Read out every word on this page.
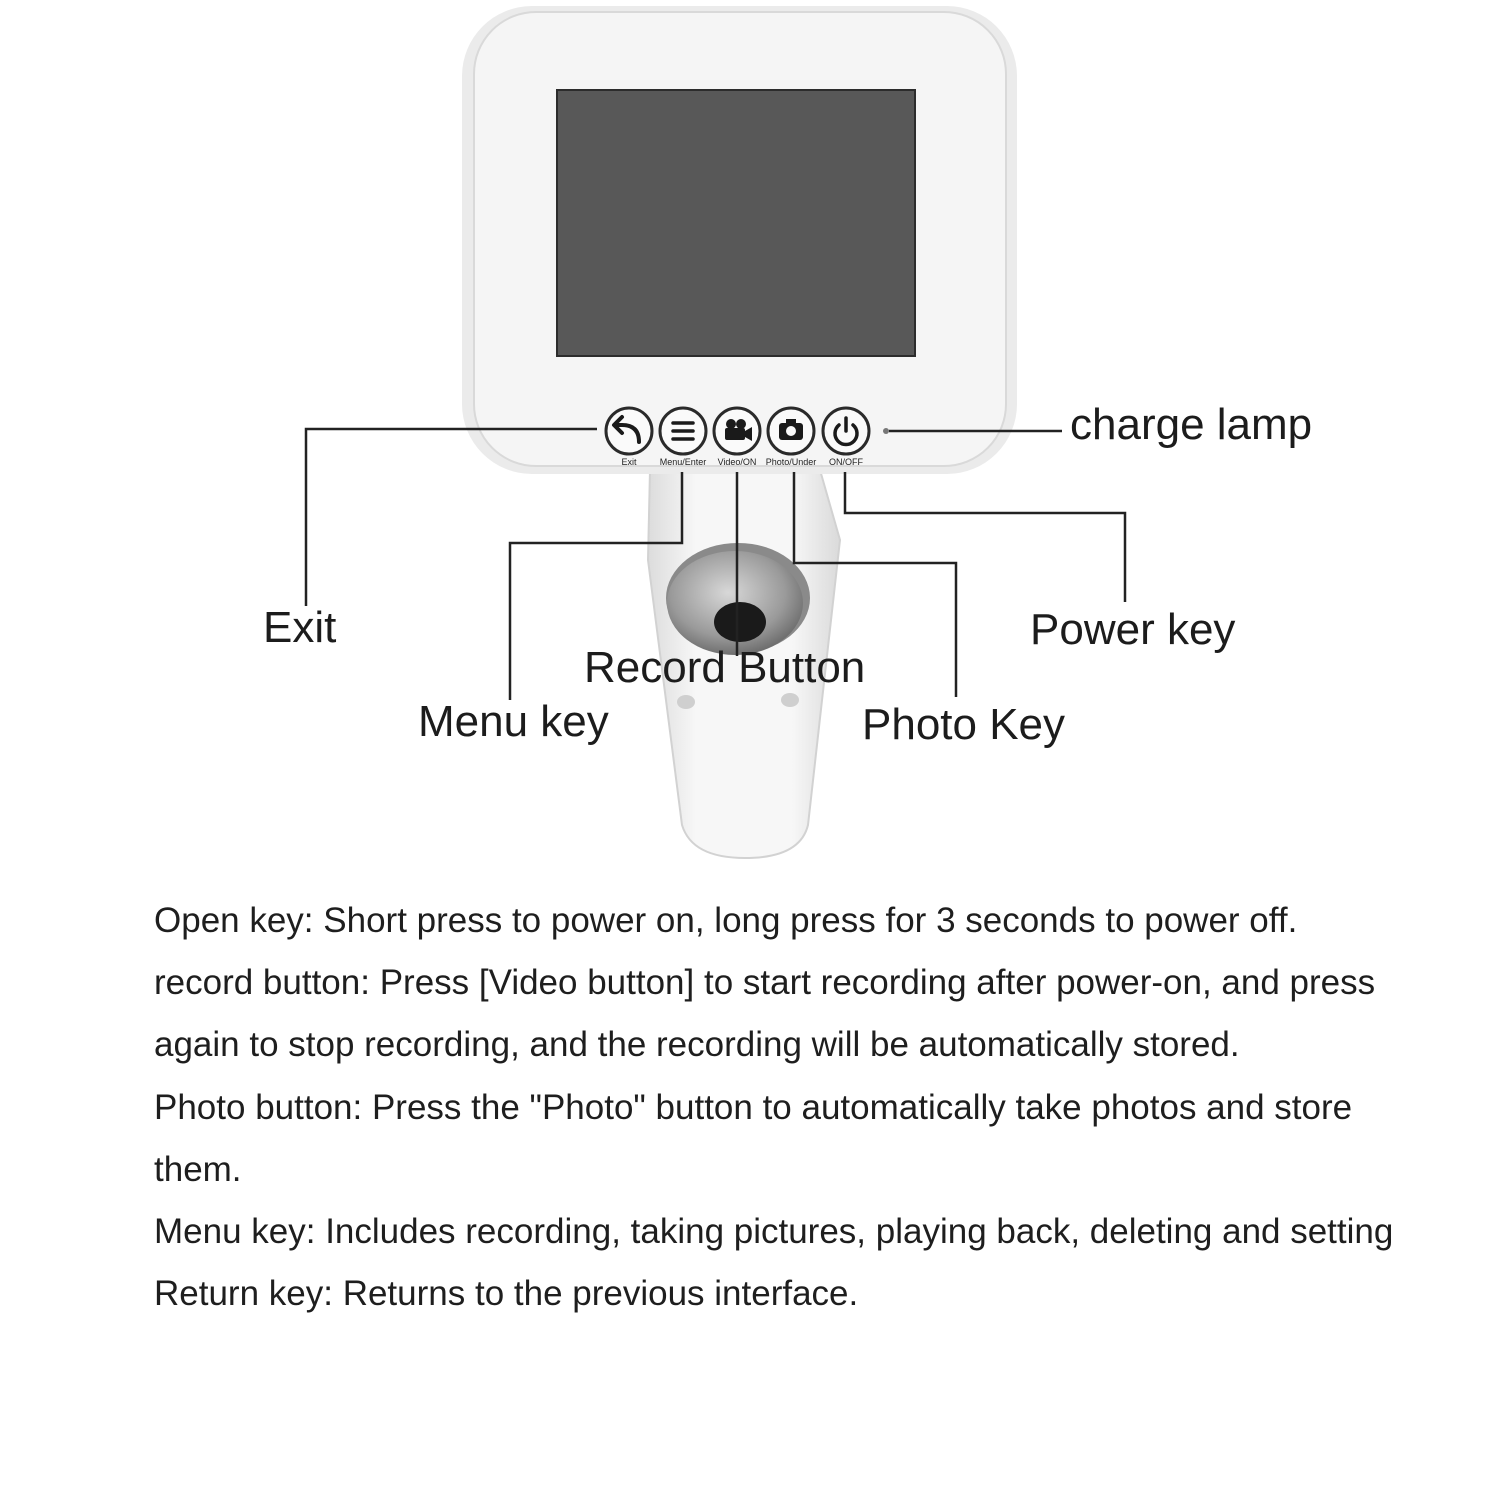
Exit	Menu/Enter Video/ON Photo/Under ON/OFF
charge lamp
Exit	Power key
Record Button
Menu key	Photo Key

Open key: Short press to power on, long press for 3 seconds to power off.

record button: Press [Video button] to start recording after power-on, and press again to stop recording, and the recording will be automatically stored.

Photo button: Press the "Photo" button to automatically take photos and store them.

Menu key: Includes recording, taking pictures, playing back, deleting and setting

Return key: Returns to the previous interface.
